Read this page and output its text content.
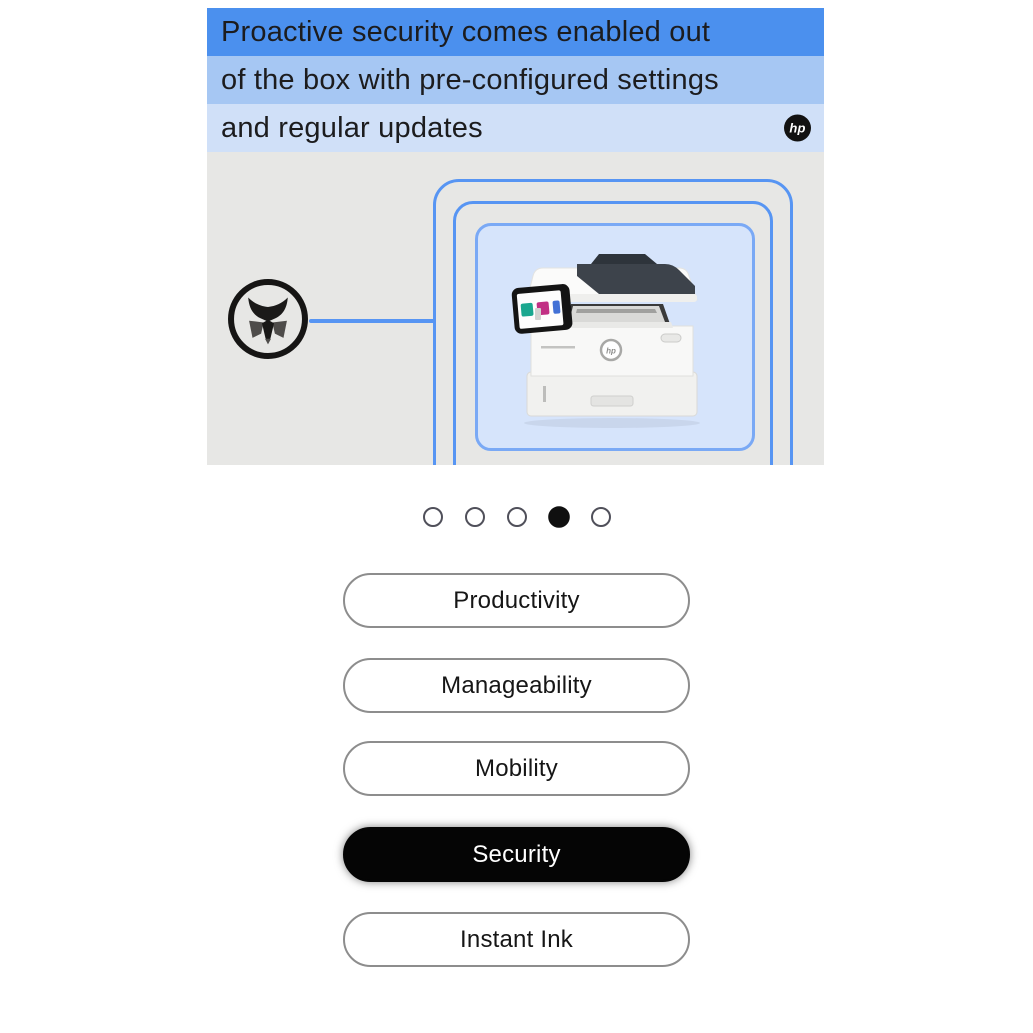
Proactive security comes enabled out
of the box with pre-configured settings
and regular updates	hp
hp
Productivity
Manageability
Mobility
Security
Instant Ink
